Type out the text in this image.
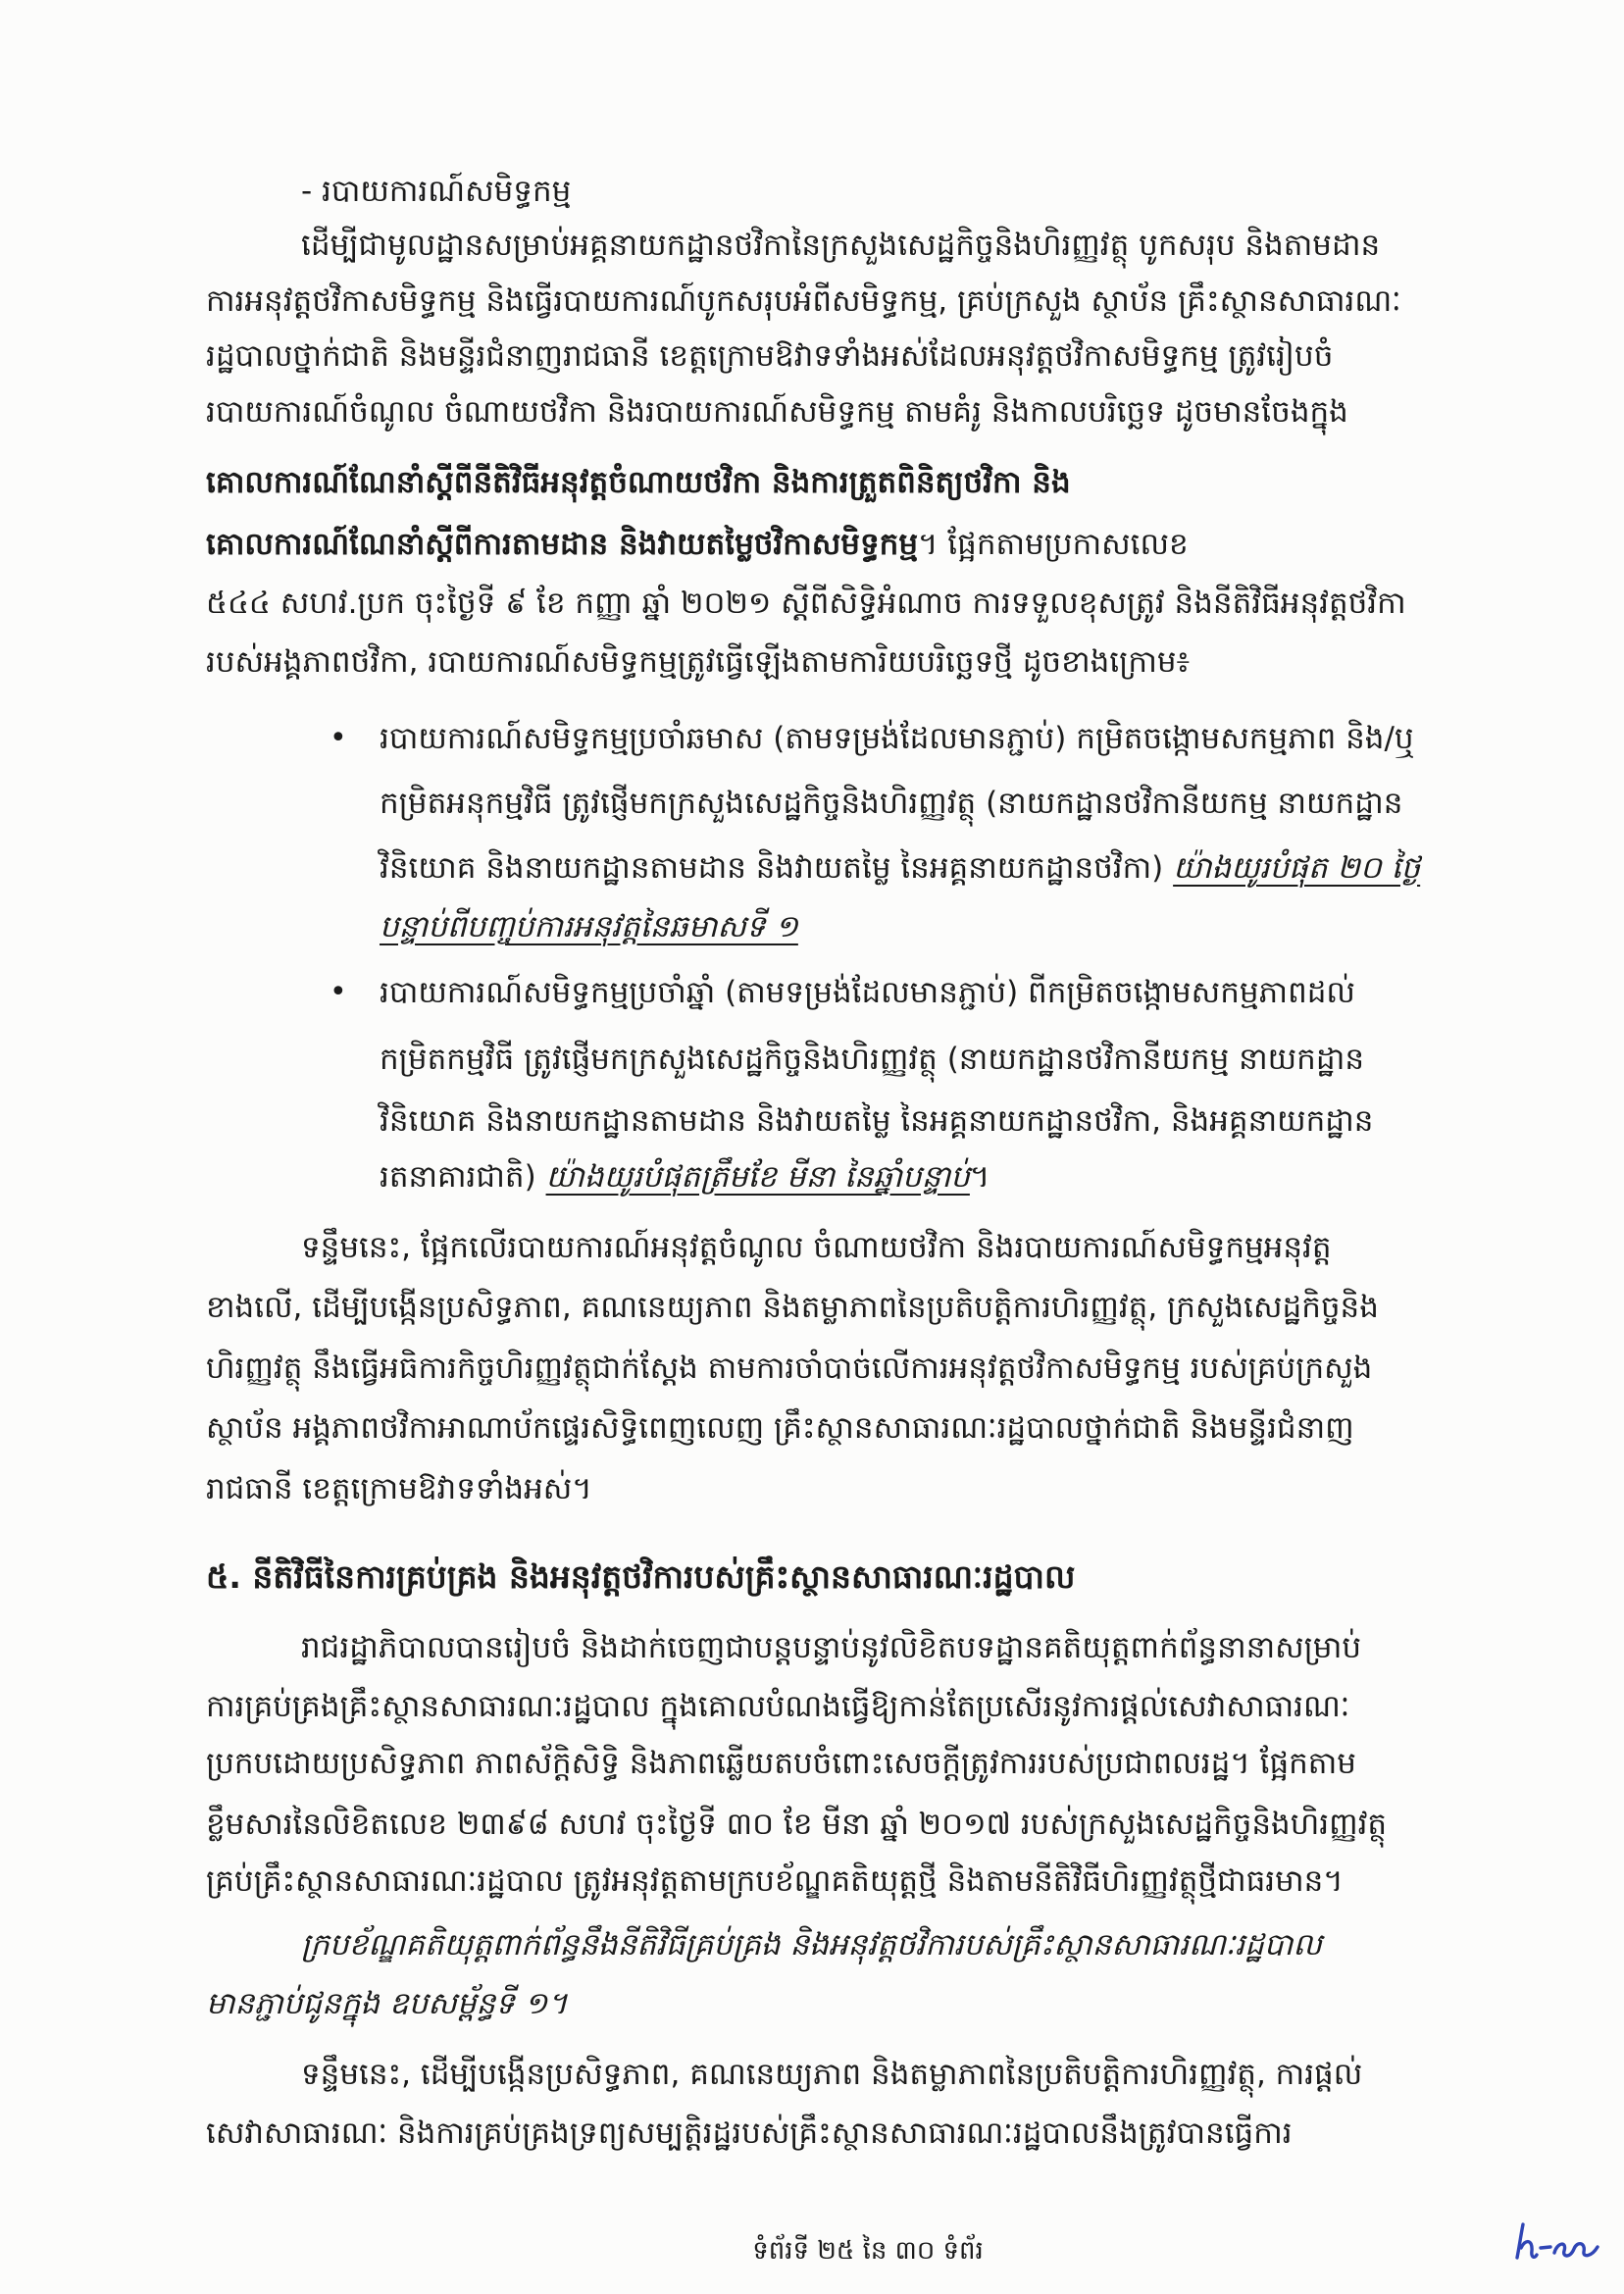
- របាយការណ៍សមិទ្ធកម្ម
ដើម្បីជាមូលដ្ឋានសម្រាប់អគ្គនាយកដ្ឋានថវិកានៃក្រសួងសេដ្ឋកិច្ចនិងហិរញ្ញវត្ថុ បូកសរុប និងតាមដាន
ការអនុវត្តថវិកាសមិទ្ធកម្ម និងធ្វើរបាយការណ៍បូកសរុបអំពីសមិទ្ធកម្ម, គ្រប់ក្រសួង ស្ថាប័ន គ្រឹះស្ថានសាធារណៈ
រដ្ឋបាលថ្នាក់ជាតិ និងមន្ទីរជំនាញរាជធានី ខេត្តក្រោមឱវាទទាំងអស់ដែលអនុវត្តថវិកាសមិទ្ធកម្ម ត្រូវរៀបចំ
របាយការណ៍ចំណូល ចំណាយថវិកា និងរបាយការណ៍សមិទ្ធកម្ម តាមគំរូ និងកាលបរិច្ឆេទ ដូចមានចែងក្នុង
គោលការណ៍ណែនាំស្តីពីនីតិវិធីអនុវត្តចំណាយថវិកា និងការត្រួតពិនិត្យថវិកា និង
គោលការណ៍ណែនាំស្តីពីការតាមដាន និងវាយតម្លៃថវិកាសមិទ្ធកម្ម។ ផ្អែកតាមប្រកាសលេខ
៥៤៤ សហវ.ប្រក ចុះថ្ងៃទី ៩ ខែ កញ្ញា ឆ្នាំ ២០២១ ស្តីពីសិទ្ធិអំណាច ការទទួលខុសត្រូវ និងនីតិវិធីអនុវត្តថវិកា
របស់អង្គភាពថវិកា, របាយការណ៍សមិទ្ធកម្មត្រូវធ្វើឡើងតាមការិយបរិច្ឆេទថ្មី ដូចខាងក្រោម៖
•	របាយការណ៍សមិទ្ធកម្មប្រចាំឆមាស (តាមទម្រង់ដែលមានភ្ជាប់) កម្រិតចង្កោមសកម្មភាព និង/ឬ
កម្រិតអនុកម្មវិធី ត្រូវផ្ញើមកក្រសួងសេដ្ឋកិច្ចនិងហិរញ្ញវត្ថុ (នាយកដ្ឋានថវិកានីយកម្ម នាយកដ្ឋាន
វិនិយោគ និងនាយកដ្ឋានតាមដាន និងវាយតម្លៃ នៃអគ្គនាយកដ្ឋានថវិកា) យ៉ាងយូរបំផុត ២០ ថ្ងៃ
បន្ទាប់ពីបញ្ចប់ការអនុវត្តនៃឆមាសទី ១
•	របាយការណ៍សមិទ្ធកម្មប្រចាំឆ្នាំ (តាមទម្រង់ដែលមានភ្ជាប់) ពីកម្រិតចង្កោមសកម្មភាពដល់
កម្រិតកម្មវិធី ត្រូវផ្ញើមកក្រសួងសេដ្ឋកិច្ចនិងហិរញ្ញវត្ថុ (នាយកដ្ឋានថវិកានីយកម្ម នាយកដ្ឋាន
វិនិយោគ និងនាយកដ្ឋានតាមដាន និងវាយតម្លៃ នៃអគ្គនាយកដ្ឋានថវិកា, និងអគ្គនាយកដ្ឋាន
រតនាគារជាតិ) យ៉ាងយូរបំផុតត្រឹមខែ មីនា នៃឆ្នាំបន្ទាប់។
ទន្ទឹមនេះ, ផ្អែកលើរបាយការណ៍អនុវត្តចំណូល ចំណាយថវិកា និងរបាយការណ៍សមិទ្ធកម្មអនុវត្ត
ខាងលើ, ដើម្បីបង្កើនប្រសិទ្ធភាព, គណនេយ្យភាព និងតម្លាភាពនៃប្រតិបត្តិការហិរញ្ញវត្ថុ, ក្រសួងសេដ្ឋកិច្ចនិង
ហិរញ្ញវត្ថុ នឹងធ្វើអធិការកិច្ចហិរញ្ញវត្ថុជាក់ស្តែង តាមការចាំបាច់លើការអនុវត្តថវិកាសមិទ្ធកម្ម របស់គ្រប់ក្រសួង
ស្ថាប័ន អង្គភាពថវិកាអាណាប័កផ្ទេរសិទ្ធិពេញលេញ គ្រឹះស្ថានសាធារណៈរដ្ឋបាលថ្នាក់ជាតិ និងមន្ទីរជំនាញ
រាជធានី ខេត្តក្រោមឱវាទទាំងអស់។
៥. នីតិវិធីនៃការគ្រប់គ្រង និងអនុវត្តថវិការបស់គ្រឹះស្ថានសាធារណៈរដ្ឋបាល
រាជរដ្ឋាភិបាលបានរៀបចំ និងដាក់ចេញជាបន្តបន្ទាប់នូវលិខិតបទដ្ឋានគតិយុត្តពាក់ព័ន្ធនានាសម្រាប់
ការគ្រប់គ្រងគ្រឹះស្ថានសាធារណៈរដ្ឋបាល ក្នុងគោលបំណងធ្វើឱ្យកាន់តែប្រសើរនូវការផ្តល់សេវាសាធារណៈ
ប្រកបដោយប្រសិទ្ធភាព ភាពស័ក្តិសិទ្ធិ និងភាពឆ្លើយតបចំពោះសេចក្តីត្រូវការរបស់ប្រជាពលរដ្ឋ។ ផ្អែកតាម
ខ្លឹមសារនៃលិខិតលេខ ២៣៩៨ សហវ ចុះថ្ងៃទី ៣០ ខែ មីនា ឆ្នាំ ២០១៧ របស់ក្រសួងសេដ្ឋកិច្ចនិងហិរញ្ញវត្ថុ
គ្រប់គ្រឹះស្ថានសាធារណៈរដ្ឋបាល ត្រូវអនុវត្តតាមក្របខ័ណ្ឌគតិយុត្តថ្មី និងតាមនីតិវិធីហិរញ្ញវត្ថុថ្មីជាធរមាន។
ក្របខ័ណ្ឌគតិយុត្តពាក់ព័ន្ធនឹងនីតិវិធីគ្រប់គ្រង និងអនុវត្តថវិការបស់គ្រឹះស្ថានសាធារណៈរដ្ឋបាល
មានភ្ជាប់ជូនក្នុង ឧបសម្ព័ន្ធទី ១។
ទន្ទឹមនេះ, ដើម្បីបង្កើនប្រសិទ្ធភាព, គណនេយ្យភាព និងតម្លាភាពនៃប្រតិបត្តិការហិរញ្ញវត្ថុ, ការផ្តល់
សេវាសាធារណៈ និងការគ្រប់គ្រងទ្រព្យសម្បត្តិរដ្ឋរបស់គ្រឹះស្ថានសាធារណៈរដ្ឋបាលនឹងត្រូវបានធ្វើការ
ទំព័រទី ២៥ នៃ ៣០ ទំព័រ
